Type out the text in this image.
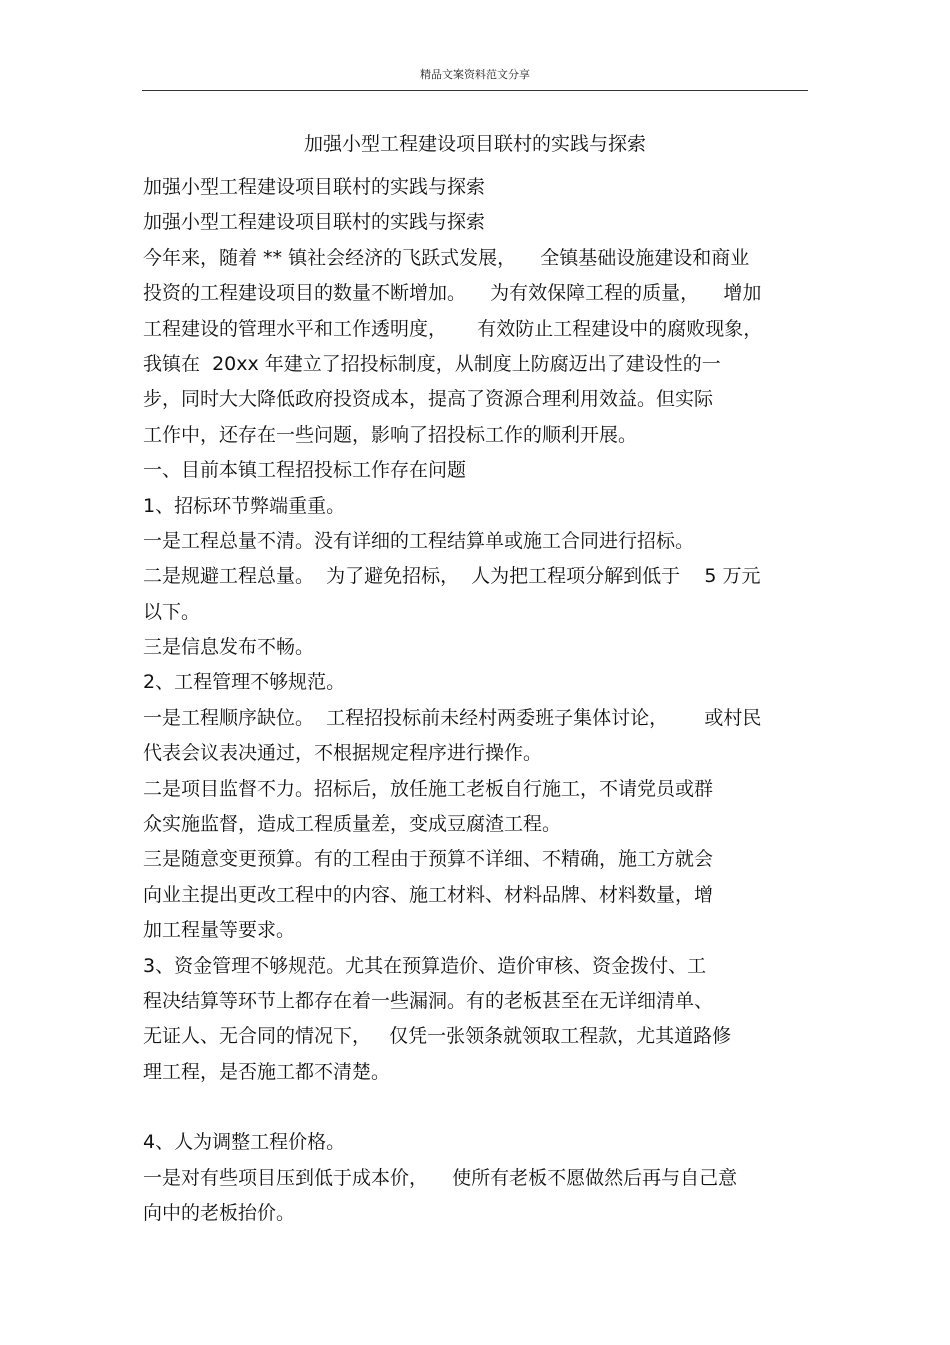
精品文案资料范文分享
加强小型工程建设项目联村的实践与探索

加强小型工程建设项目联村的实践与探索

加强小型工程建设项目联村的实践与探索

今年来，随着 ** 镇社会经济的飞跃式发展，    全镇基础设施建设和商业

投资的工程建设项目的数量不断增加。    为有效保障工程的质量，    增加

工程建设的管理水平和工作透明度，     有效防止工程建设中的腐败现象，

我镇在  20xx 年建立了招投标制度，从制度上防腐迈出了建设性的一

步，同时大大降低政府投资成本，提高了资源合理利用效益。但实际

工作中，还存在一些问题，影响了招投标工作的顺利开展。

一、目前本镇工程招投标工作存在问题

1、招标环节弊端重重。

一是工程总量不清。没有详细的工程结算单或施工合同进行招标。

二是规避工程总量。  为了避免招标，  人为把工程项分解到低于    5 万元

以下。

三是信息发布不畅。

2、工程管理不够规范。

一是工程顺序缺位。  工程招投标前未经村两委班子集体讨论，      或村民

代表会议表决通过，不根据规定程序进行操作。

二是项目监督不力。招标后，放任施工老板自行施工，不请党员或群

众实施监督，造成工程质量差，变成豆腐渣工程。

三是随意变更预算。有的工程由于预算不详细、不精确，施工方就会

向业主提出更改工程中的内容、施工材料、材料品牌、材料数量，增

加工程量等要求。

3、资金管理不够规范。尤其在预算造价、造价审核、资金拨付、工

程决结算等环节上都存在着一些漏洞。有的老板甚至在无详细清单、

无证人、无合同的情况下，   仅凭一张领条就领取工程款，尤其道路修

理工程，是否施工都不清楚。

4、人为调整工程价格。

一是对有些项目压到低于成本价，    使所有老板不愿做然后再与自己意

向中的老板抬价。
